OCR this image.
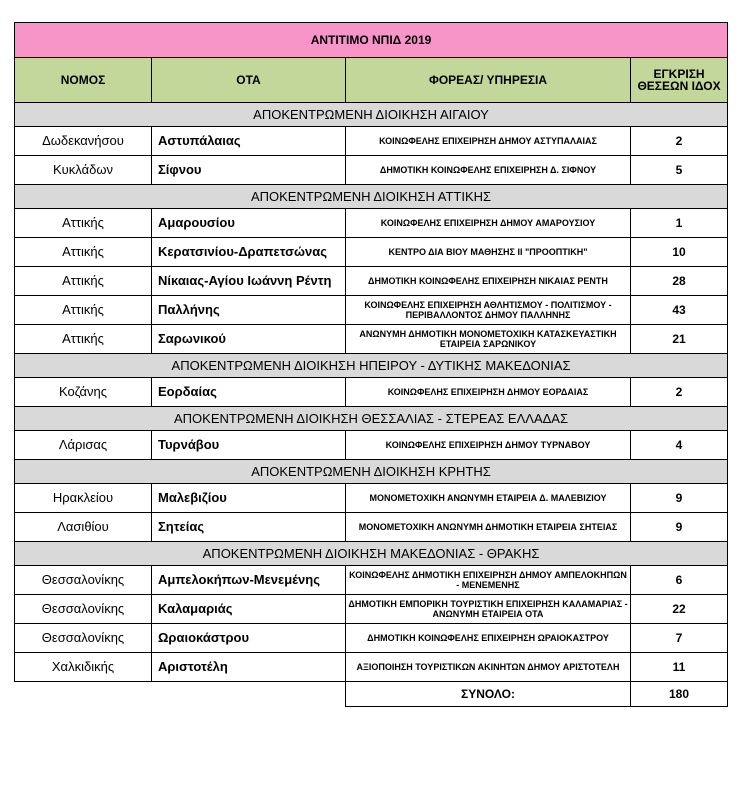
ΑΝΤΙΤΙΜΟ ΝΠΙΔ 2019			
ΝΟΜΟΣ	ΟΤΑ	ΦΟΡΕΑΣ/ ΥΠΗΡΕΣΙΑ	ΕΓΚΡΙΣΗ ΘΕΣΕΩΝ ΙΔΟΧ
ΑΠΟΚΕΝΤΡΩΜΕΝΗ ΔΙΟΙΚΗΣΗ ΑΙΓΑΙΟΥ			
Δωδεκανήσου	Αστυπάλαιας	ΚΟΙΝΩΦΕΛΗΣ ΕΠΙΧΕΙΡΗΣΗ ΔΗΜΟΥ ΑΣΤΥΠΑΛΑΙΑΣ	2
Κυκλάδων	Σίφνου	ΔΗΜΟΤΙΚΗ ΚΟΙΝΩΦΕΛΗΣ ΕΠΙΧΕΙΡΗΣΗ Δ. ΣΙΦΝΟΥ	5
ΑΠΟΚΕΝΤΡΩΜΕΝΗ ΔΙΟΙΚΗΣΗ ΑΤΤΙΚΗΣ			
Αττικής	Αμαρουσίου	ΚΟΙΝΩΦΕΛΗΣ ΕΠΙΧΕΙΡΗΣΗ ΔΗΜΟΥ ΑΜΑΡΟΥΣΙΟΥ	1
Αττικής	Κερατσινίου-Δραπετσώνας	ΚΕΝΤΡΟ ΔΙΑ ΒΙΟΥ ΜΑΘΗΣΗΣ ΙΙ "ΠΡΟΟΠΤΙΚΗ"	10
Αττικής	Νίκαιας-Αγίου Ιωάννη Ρέντη	ΔΗΜΟΤΙΚΗ ΚΟΙΝΩΦΕΛΗΣ ΕΠΙΧΕΙΡΗΣΗ ΝΙΚΑΙΑΣ ΡΕΝΤΗ	28
Αττικής	Παλλήνης	ΚΟΙΝΩΦΕΛΗΣ ΕΠΙΧΕΙΡΗΣΗ ΑΘΛΗΤΙΣΜΟΥ - ΠΟΛΙΤΙΣΜΟΥ - ΠΕΡΙΒΑΛΛΟΝΤΟΣ ΔΗΜΟΥ ΠΑΛΛΗΝΗΣ	43
Αττικής	Σαρωνικού	ΑΝΩΝΥΜΗ ΔΗΜΟΤΙΚΗ ΜΟΝΟΜΕΤΟΧΙΚΗ ΚΑΤΑΣΚΕΥΑΣΤΙΚΗ ΕΤΑΙΡΕΙΑ ΣΑΡΩΝΙΚΟΥ	21
ΑΠΟΚΕΝΤΡΩΜΕΝΗ ΔΙΟΙΚΗΣΗ ΗΠΕΙΡΟΥ - ΔΥΤΙΚΗΣ ΜΑΚΕΔΟΝΙΑΣ			
Κοζάνης	Εορδαίας	ΚΟΙΝΩΦΕΛΗΣ ΕΠΙΧΕΙΡΗΣΗ ΔΗΜΟΥ ΕΟΡΔΑΙΑΣ	2
ΑΠΟΚΕΝΤΡΩΜΕΝΗ ΔΙΟΙΚΗΣΗ ΘΕΣΣΑΛΙΑΣ - ΣΤΕΡΕΑΣ ΕΛΛΑΔΑΣ			
Λάρισας	Τυρνάβου	ΚΟΙΝΩΦΕΛΗΣ ΕΠΙΧΕΙΡΗΣΗ ΔΗΜΟΥ ΤΥΡΝΑΒΟΥ	4
ΑΠΟΚΕΝΤΡΩΜΕΝΗ ΔΙΟΙΚΗΣΗ ΚΡΗΤΗΣ			
Ηρακλείου	Μαλεβιζίου	ΜΟΝΟΜΕΤΟΧΙΚΗ ΑΝΩΝΥΜΗ ΕΤΑΙΡΕΙΑ Δ. ΜΑΛΕΒΙΖΙΟΥ	9
Λασιθίου	Σητείας	ΜΟΝΟΜΕΤΟΧΙΚΗ ΑΝΩΝΥΜΗ ΔΗΜΟΤΙΚΗ ΕΤΑΙΡΕΙΑ ΣΗΤΕΙΑΣ	9
ΑΠΟΚΕΝΤΡΩΜΕΝΗ ΔΙΟΙΚΗΣΗ ΜΑΚΕΔΟΝΙΑΣ - ΘΡΑΚΗΣ			
Θεσσαλονίκης	Αμπελοκήπων-Μενεμένης	ΚΟΙΝΩΦΕΛΗΣ ΔΗΜΟΤΙΚΗ ΕΠΙΧΕΙΡΗΣΗ ΔΗΜΟΥ ΑΜΠΕΛΟΚΗΠΩΝ - ΜΕΝΕΜΕΝΗΣ	6
Θεσσαλονίκης	Καλαμαριάς	ΔΗΜΟΤΙΚΗ ΕΜΠΟΡΙΚΗ ΤΟΥΡΙΣΤΙΚΗ ΕΠΙΧΕΙΡΗΣΗ ΚΑΛΑΜΑΡΙΑΣ - ΑΝΩΝΥΜΗ ΕΤΑΙΡΕΙΑ ΟΤΑ	22
Θεσσαλονίκης	Ωραιοκάστρου	ΔΗΜΟΤΙΚΗ ΚΟΙΝΩΦΕΛΗΣ ΕΠΙΧΕΙΡΗΣΗ ΩΡΑΙΟΚΑΣΤΡΟΥ	7
Χαλκιδικής	Αριστοτέλη	ΑΞΙΟΠΟΙΗΣΗ ΤΟΥΡΙΣΤΙΚΩΝ ΑΚΙΝΗΤΩΝ ΔΗΜΟΥ ΑΡΙΣΤΟΤΕΛΗ	11
		ΣΥΝΟΛΟ:	180
